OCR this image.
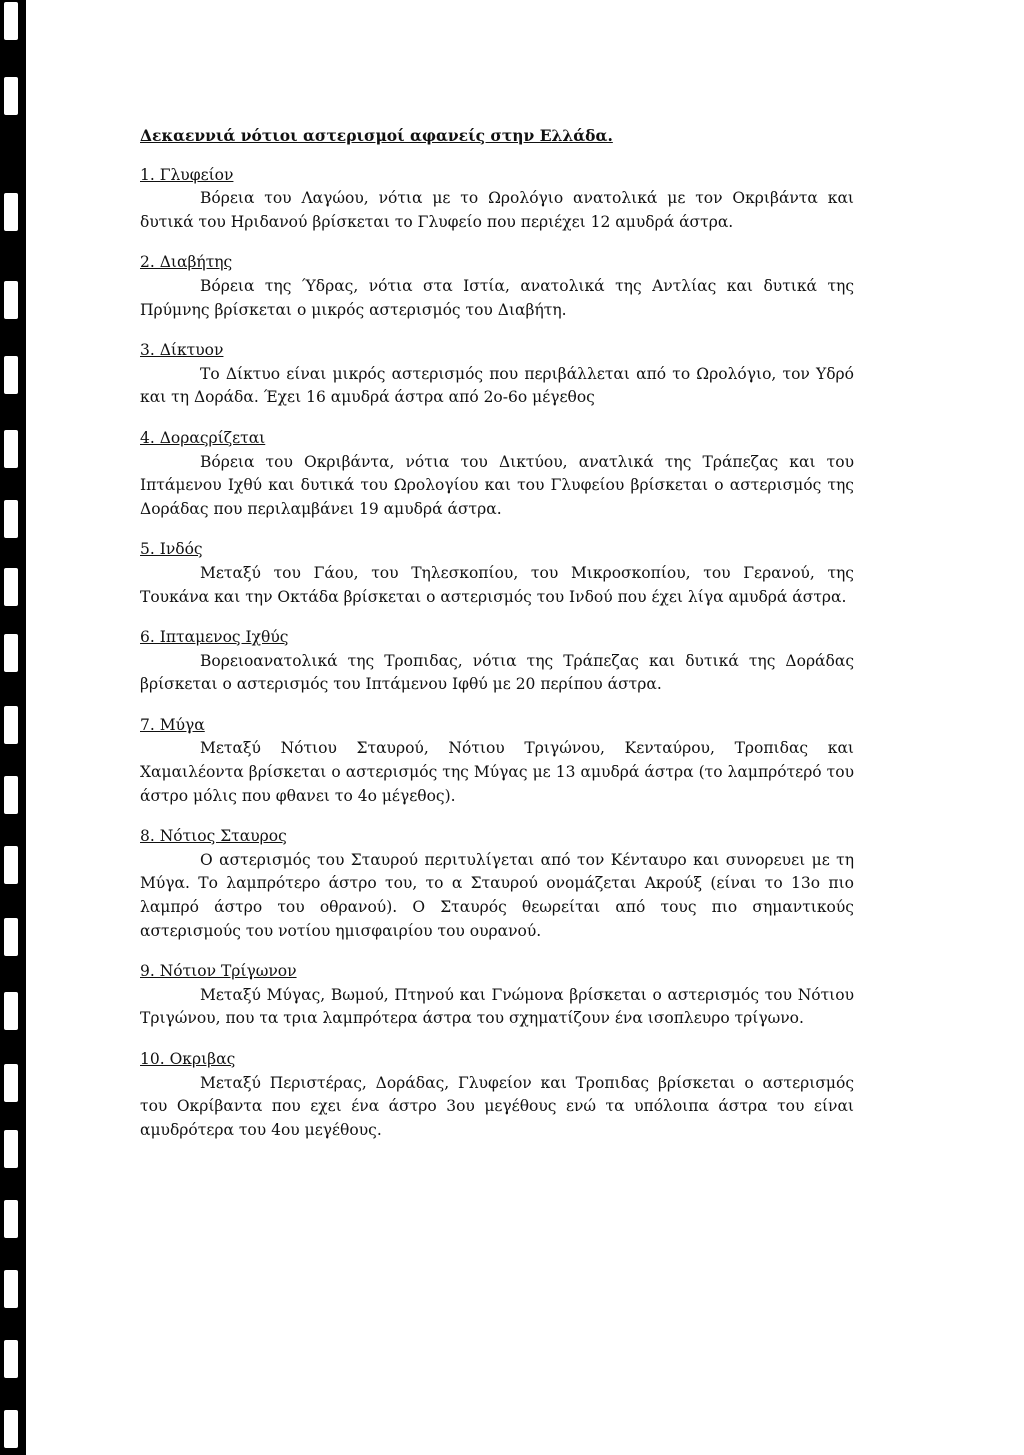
Δεκαεννιά νότιοι αστερισμοί αφανείς στην Ελλάδα.

1. Γλυφείον

Βόρεια του Λαγώου, νότια με το Ωρολόγιο ανατολικά με τον Οκριβάντα και δυτικά του Ηριδανού βρίσκεται το Γλυφείο που περιέχει 12 αμυδρά άστρα.

2. Διαβήτης

Βόρεια της Ύδρας, νότια στα Ιστία, ανατολικά της Αντλίας και δυτικά της Πρύμνης βρίσκεται ο μικρός αστερισμός του Διαβήτη.

3. Δίκτυον

Το Δίκτυο είναι μικρός αστερισμός που περιβάλλεται από το Ωρολόγιο, τον Υδρό και τη Δοράδα. Έχει 16 αμυδρά άστρα από 2ο-6ο μέγεθος

4. Δοραςρίζεται

Βόρεια του Οκριβάντα, νότια του Δικτύου, ανατλικά της Τράπεζας και του Ιπτάμενου Ιχθύ και δυτικά του Ωρολογίου και του Γλυφείου βρίσκεται ο αστερισμός της Δοράδας που περιλαμβάνει 19 αμυδρά άστρα.

5. Ινδός

Μεταξύ του Γάου, του Τηλεσκοπίου, του Μικροσκοπίου, του Γερανού, της Τουκάνα και την Οκτάδα βρίσκεται ο αστερισμός του Ινδού που έχει λίγα αμυδρά άστρα.

6. Ιπταμενος Ιχθύς

Βορειοανατολικά της Τροπιδας, νότια της Τράπεζας και δυτικά της Δοράδας βρίσκεται ο αστερισμός του Ιπτάμενου Ιφθύ με 20 περίπου άστρα.

7. Μύγα

Μεταξύ Νότιου Σταυρού, Νότιου Τριγώνου, Κενταύρου, Τροπιδας και Χαμαιλέοντα βρίσκεται ο αστερισμός της Μύγας με 13 αμυδρά άστρα (το λαμπρότερό του άστρο μόλις που φθανει το 4ο μέγεθος).

8. Νότιος Σταυρος

Ο αστερισμός του Σταυρού περιτυλίγεται από τον Κένταυρο και συνορευει με τη Μύγα. Το λαμπρότερο άστρο του, το α Σταυρού ονομάζεται Ακρούξ (είναι το 13ο πιο λαμπρό άστρο του οθρανού). Ο Σταυρός θεωρείται από τους πιο σημαντικούς αστερισμούς του νοτίου ημισφαιρίου του ουρανού.

9. Νότιον Τρίγωνον

Μεταξύ Μύγας, Βωμού, Πτηνού και Γνώμονα βρίσκεται ο αστερισμός του Νότιου Τριγώνου, που τα τρια λαμπρότερα άστρα του σχηματίζουν ένα ισοπλευρο τρίγωνο.

10. Οκριβας

Μεταξύ Περιστέρας, Δοράδας, Γλυφείον και Τροπιδας βρίσκεται ο αστερισμός του Οκρίβαντα που εχει ένα άστρο 3ου μεγέθους ενώ τα υπόλοιπα άστρα του είναι αμυδρότερα του 4ου μεγέθους.
